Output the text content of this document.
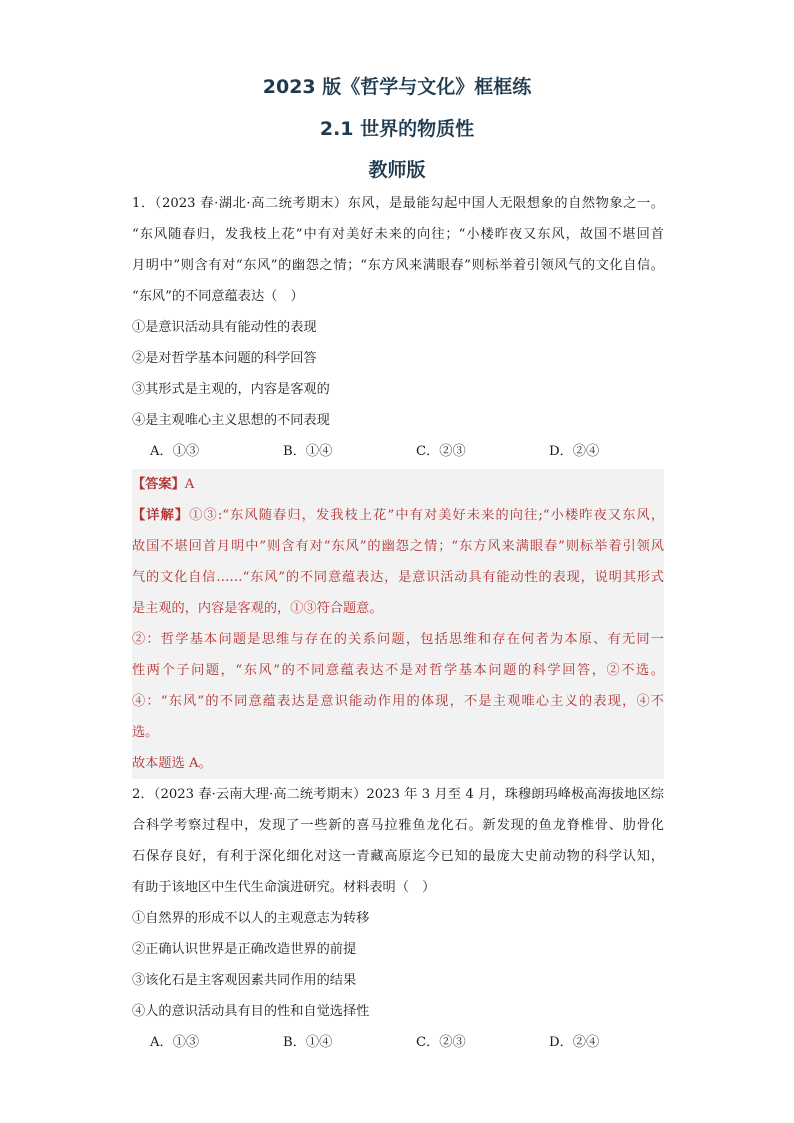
2023 版《哲学与文化》框框练
2.1 世界的物质性
教师版
1．（2023 春·湖北·高二统考期末）东风，是最能勾起中国人无限想象的自然物象之一。
“东风随春归，发我枝上花”中有对美好未来的向往；“小楼昨夜又东风，故国不堪回首
月明中”则含有对“东风”的幽怨之情；“东方风来满眼春”则标举着引领风气的文化自信。
“东风”的不同意蕴表达（　）
①是意识活动具有能动性的表现
②是对哲学基本问题的科学回答
③其形式是主观的，内容是客观的
④是主观唯心主义思想的不同表现
A．①③	B．①④	C．②③	D．②④
【答案】A
【详解】①③:“东风随春归，发我枝上花”中有对美好未来的向往;“小楼昨夜又东风，
故国不堪回首月明中”则含有对“东风”的幽怨之情；“东方风来满眼春”则标举着引领风
气的文化自信……“东风”的不同意蕴表达，是意识活动具有能动性的表现，说明其形式
是主观的，内容是客观的，①③符合题意。
②：哲学基本问题是思维与存在的关系问题，包括思维和存在何者为本原、有无同一
性两个子问题，“东风”的不同意蕴表达不是对哲学基本问题的科学回答，②不选。
④：“东风”的不同意蕴表达是意识能动作用的体现，不是主观唯心主义的表现，④不
选。
故本题选 A。
2．（2023 春·云南大理·高二统考期末）2023 年 3 月至 4 月，珠穆朗玛峰极高海拔地区综
合科学考察过程中，发现了一些新的喜马拉雅鱼龙化石。新发现的鱼龙脊椎骨、肋骨化
石保存良好，有利于深化细化对这一青藏高原迄今已知的最庞大史前动物的科学认知，
有助于该地区中生代生命演进研究。材料表明（　）
①自然界的形成不以人的主观意志为转移
②正确认识世界是正确改造世界的前提
③该化石是主客观因素共同作用的结果
④人的意识活动具有目的性和自觉选择性
A．①③	B．①④	C．②③	D．②④
